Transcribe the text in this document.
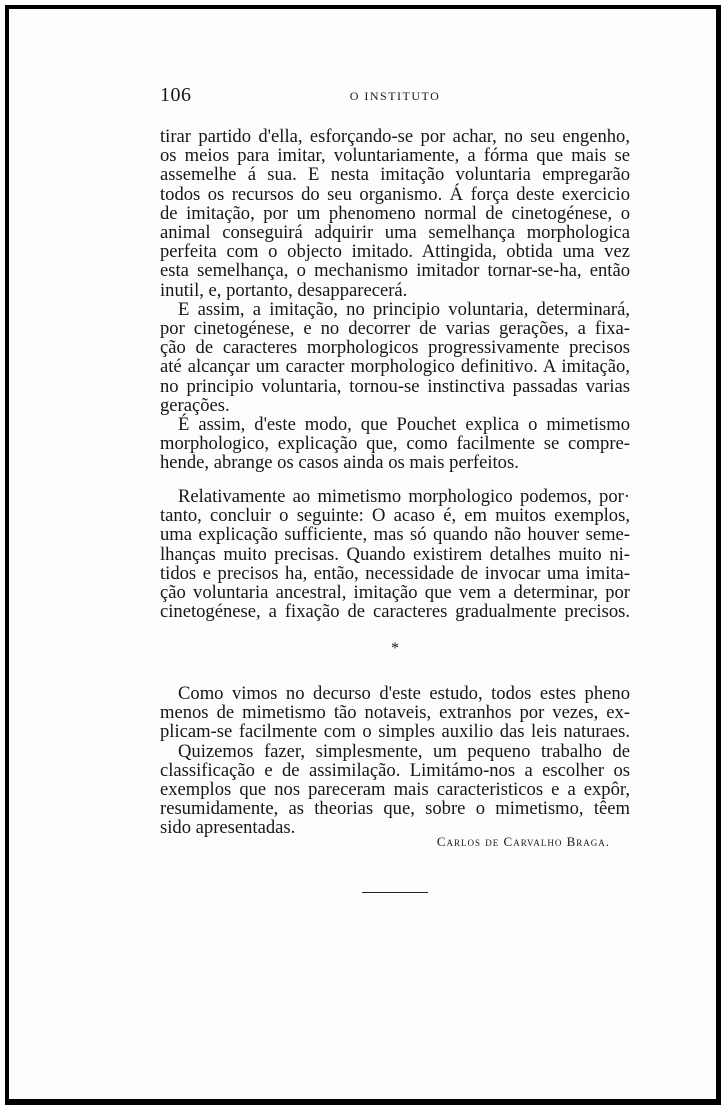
106	O INSTITUTO
tirar partido d'ella, esforçando-se por achar, no seu engenho,
os meios para imitar, voluntariamente, a fórma que mais se
assemelhe á sua. E nesta imitação voluntaria empregarão
todos os recursos do seu organismo. Á força deste exercicio
de imitação, por um phenomeno normal de cinetogénese, o
animal conseguirá adquirir uma semelhança morphologica
perfeita com o objecto imitado. Attingida, obtida uma vez
esta semelhança, o mechanismo imitador tornar-se-ha, então
inutil, e, portanto, desapparecerá.
E assim, a imitação, no principio voluntaria, determinará,
por cinetogénese, e no decorrer de varias gerações, a fixa-
ção de caracteres morphologicos progressivamente precisos
até alcançar um caracter morphologico definitivo. A imitação,
no principio voluntaria, tornou-se instinctiva passadas varias
gerações.
É assim, d'este modo, que Pouchet explica o mimetismo
morphologico, explicação que, como facilmente se compre-
hende, abrange os casos ainda os mais perfeitos.
Relativamente ao mimetismo morphologico podemos, por·
tanto, concluir o seguinte: O acaso é, em muitos exemplos,
uma explicação sufficiente, mas só quando não houver seme-
lhanças muito precisas. Quando existirem detalhes muito ni-
tidos e precisos ha, então, necessidade de invocar uma imita-
ção voluntaria ancestral, imitação que vem a determinar, por
cinetogénese, a fixação de caracteres gradualmente precisos.
*
Como vimos no decurso d'este estudo, todos estes pheno
menos de mimetismo tão notaveis, extranhos por vezes, ex-
plicam-se facilmente com o simples auxilio das leis naturaes.
Quizemos fazer, simplesmente, um pequeno trabalho de
classificação e de assimilação. Limitámo-nos a escolher os
exemplos que nos pareceram mais caracteristicos e a expôr,
resumidamente, as theorias que, sobre o mimetismo, têem
sido apresentadas.
Carlos de Carvalho Braga.
